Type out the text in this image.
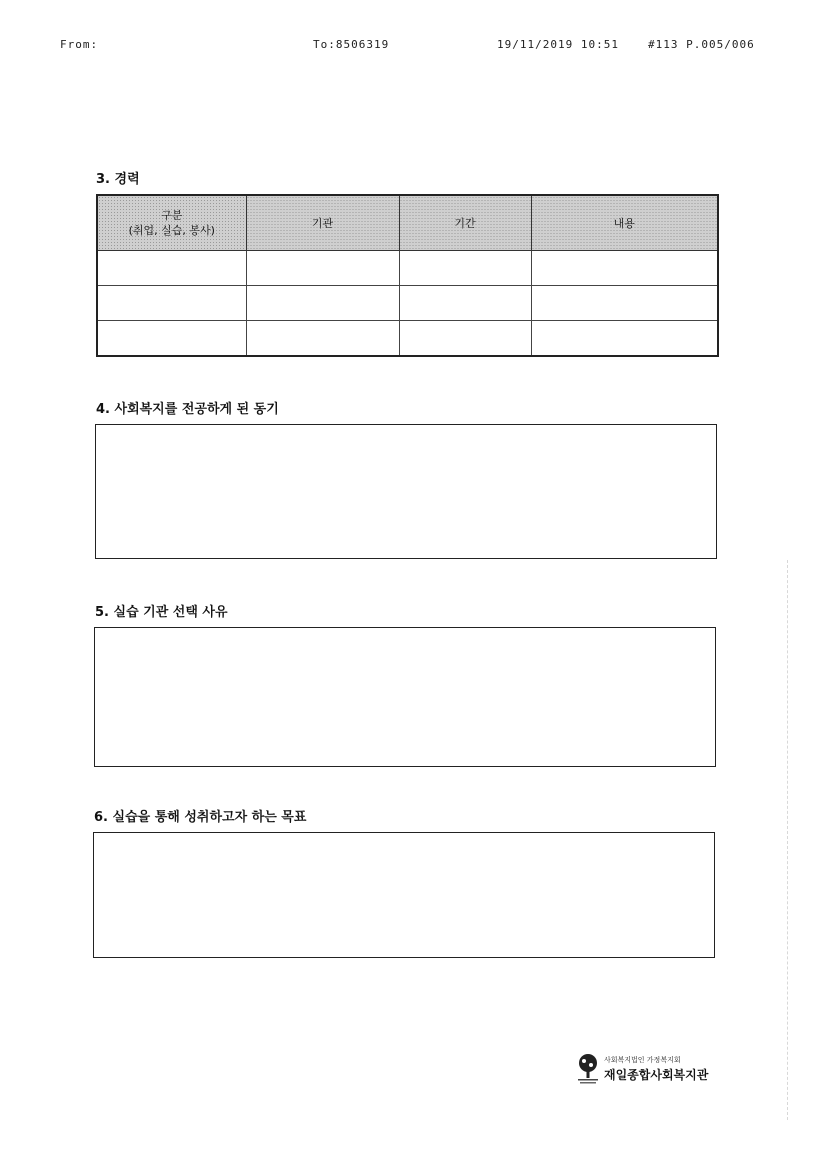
From:	To:8506319	19/11/2019 10:51	#113 P.005/006
3. 경력
구분
(취업, 실습, 봉사)	기관	기간	내용

4. 사회복지를 전공하게 된 동기
5. 실습 기관 선택 사유
6. 실습을 통해 성취하고자 하는 목표
사회복지법인 가정복지회
재일종합사회복지관
